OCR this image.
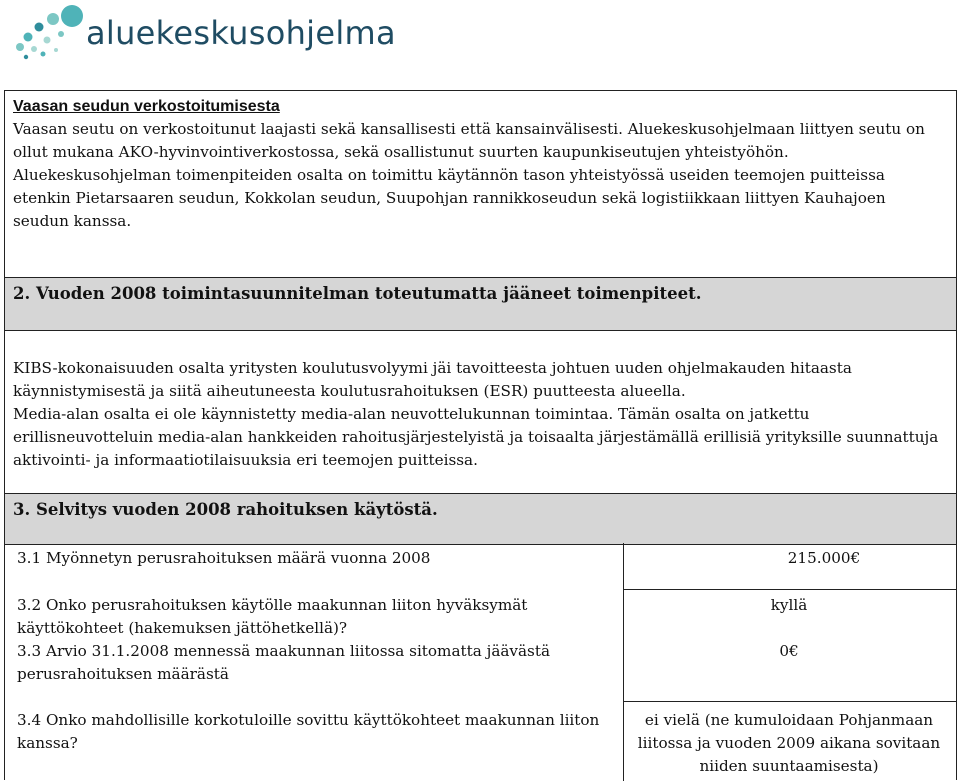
aluekeskusohjelma
Vaasan seudun verkostoitumisesta
Vaasan seutu on verkostoitunut laajasti sekä kansallisesti että kansainvälisesti. Aluekeskusohjelmaan liittyen seutu on ollut mukana AKO-hyvinvointiverkostossa, sekä osallistunut suurten kaupunkiseutujen yhteistyöhön.
Aluekeskusohjelman toimenpiteiden osalta on toimittu käytännön tason yhteistyössä useiden teemojen puitteissa etenkin Pietarsaaren seudun, Kokkolan seudun, Suupohjan rannikkoseudun sekä logistiikkaan liittyen Kauhajoen seudun kanssa.
2. Vuoden 2008 toimintasuunnitelman toteutumatta jääneet toimenpiteet.
KIBS-kokonaisuuden osalta yritysten koulutusvolyymi jäi tavoitteesta johtuen uuden ohjelmakauden hitaasta käynnistymisestä ja siitä aiheutuneesta koulutusrahoituksen (ESR) puutteesta alueella.
Media-alan osalta ei ole käynnistetty media-alan neuvottelukunnan toimintaa. Tämän osalta on jatkettu erillisneuvotteluin media-alan hankkeiden rahoitusjärjestelyistä ja toisaalta järjestämällä erillisiä yrityksille suunnattuja aktivointi- ja informaatiotilaisuuksia eri teemojen puitteissa.
3. Selvitys vuoden 2008 rahoituksen käytöstä.
3.1 Myönnetyn perusrahoituksen määrä vuonna 2008	215.000€
3.2 Onko perusrahoituksen käytölle maakunnan liiton hyväksymät käyttökohteet (hakemuksen jättöhetkellä)?
kyllä
3.3 Arvio 31.1.2008 mennessä maakunnan liitossa sitomatta jäävästä perusrahoituksen määrästä
0€
3.4 Onko mahdollisille korkotuloille sovittu käyttökohteet maakunnan liiton kanssa?
ei vielä (ne kumuloidaan Pohjanmaan liitossa ja vuoden 2009 aikana sovitaan niiden suuntaamisesta)
